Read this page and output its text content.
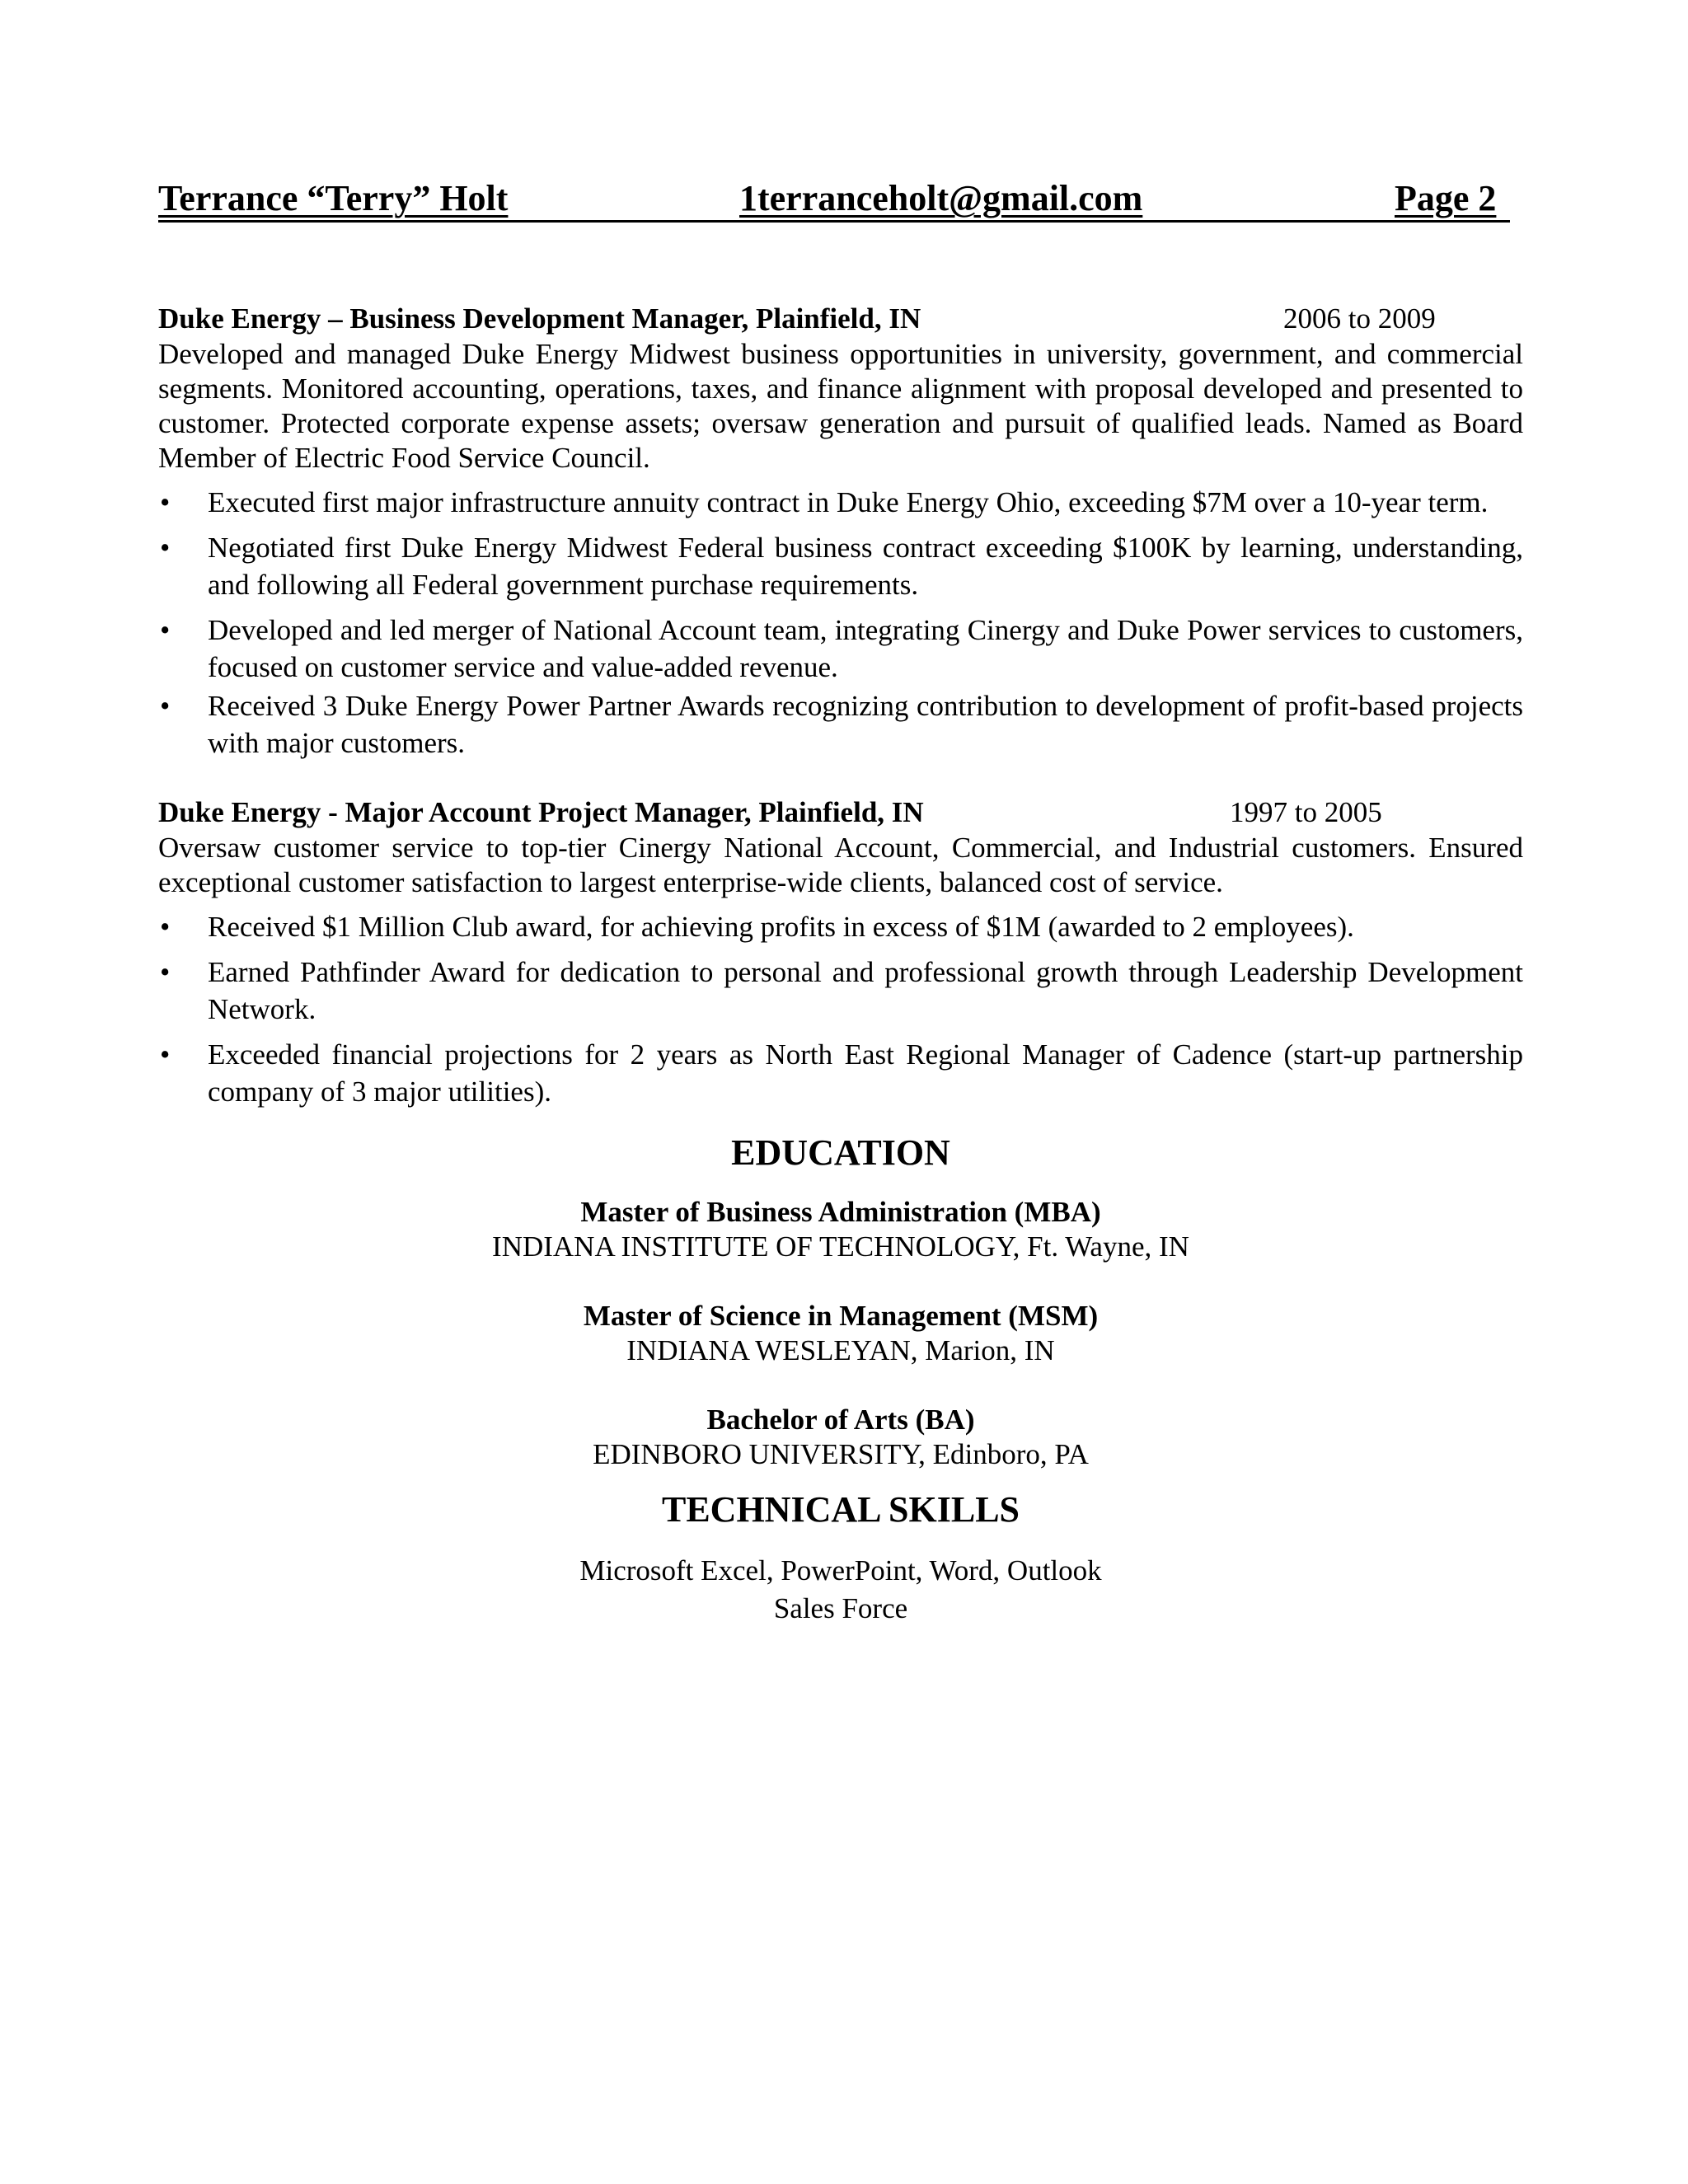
Terrance “Terry” Holt	1terranceholt@gmail.com	Page 2
Duke Energy – Business Development Manager, Plainfield, IN	2006 to 2009

Developed and managed Duke Energy Midwest business opportunities in university, government, and commercial segments. Monitored accounting, operations, taxes, and finance alignment with proposal developed and presented to customer. Protected corporate expense assets; oversaw generation and pursuit of qualified leads. Named as Board Member of Electric Food Service Council.

• Executed first major infrastructure annuity contract in Duke Energy Ohio, exceeding $7M over a 10-year term.
• Negotiated first Duke Energy Midwest Federal business contract exceeding $100K by learning, understanding, and following all Federal government purchase requirements.
• Developed and led merger of National Account team, integrating Cinergy and Duke Power services to customers, focused on customer service and value-added revenue.
• Received 3 Duke Energy Power Partner Awards recognizing contribution to development of profit-based projects with major customers.
Duke Energy - Major Account Project Manager, Plainfield, IN	1997 to 2005

Oversaw customer service to top-tier Cinergy National Account, Commercial, and Industrial customers. Ensured exceptional customer satisfaction to largest enterprise-wide clients, balanced cost of service.

• Received $1 Million Club award, for achieving profits in excess of $1M (awarded to 2 employees).
• Earned Pathfinder Award for dedication to personal and professional growth through Leadership Development Network.
• Exceeded financial projections for 2 years as North East Regional Manager of Cadence (start-up partnership company of 3 major utilities).
EDUCATION
Master of Business Administration (MBA)
INDIANA INSTITUTE OF TECHNOLOGY, Ft. Wayne, IN
Master of Science in Management (MSM)
INDIANA WESLEYAN, Marion, IN
Bachelor of Arts (BA)
EDINBORO UNIVERSITY, Edinboro, PA
TECHNICAL SKILLS
Microsoft Excel, PowerPoint, Word, Outlook
Sales Force
